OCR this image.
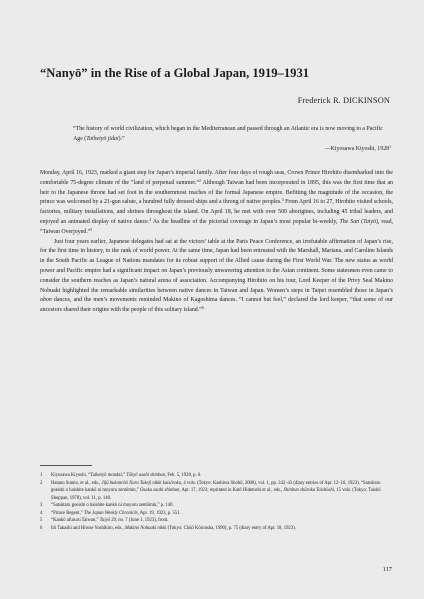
“Nanyō” in the Rise of a Global Japan, 1919–1931
Frederick R. DICKINSON

“The history of world civilization, which began in the Mediterranean and passed through an Atlantic era is now moving to a Pacific Age (Taiheiyō jidai).”

—Kiyosawa Kiyoshi, 1928$^1$

Monday, April 16, 1923, marked a giant step for Japan’s imperial family. After four days of rough seas, Crown Prince Hirohito disembarked into the comfortable 75-degree climate of the “land of perpetual summer.”$^2$ Although Taiwan had been incorporated in 1895, this was the first time that an heir to the Japanese throne had set foot in the southernmost reaches of the formal Japanese empire. Befitting the magnitude of the occasion, the prince was welcomed by a 21-gun salute, a hundred fully dressed ships and a throng of native peoples.$^3$ From April 16 to 27, Hirohito visited schools, factories, military installations, and shrines throughout the island. On April 18, he met with over 500 aborigines, including 45 tribal leaders, and enjoyed an animated display of native dance.$^4$ As the headline of the pictorial coverage in Japan’s most popular bi-weekly, The Sun (Taiyō), read, “Taiwan Overjoyed.”$^5$

Just four years earlier, Japanese delegates had sat at the victors’ table at the Paris Peace Conference, an irrefutable affirmation of Japan’s rise, for the first time in history, to the rank of world power. At the same time, Japan had been entrusted with the Marshall, Mariana, and Caroline Islands in the South Pacific as League of Nations mandates for its robust support of the Allied cause during the First World War. The new status as world power and Pacific empire had a significant impact on Japan’s previously unwavering attention to the Asian continent. Some statesmen even came to consider the southern reaches as Japan’s natural arena of association. Accompanying Hirohito on his tour, Lord Keeper of the Privy Seal Makino Nobuaki highlighted the remarkable similarities between native dances in Taiwan and Japan. Women’s steps in Taipei resembled those in Japan’s obon dances, and the men’s movements reminded Makino of Kagoshima dances. “I cannot but feel,” declared the lord keeper, “that some of our ancestors shared their origins with the people of this solitary island.”$^6$

1	Kiyosawa Kiyoshi, “Taiheiyō mondai,” Tōkyō asahi shinbun, Feb. 5, 1928, p. 6.
2	Hatano Sumio, et al., eds., Jijū bukanchō Nara Takeji nikki kaisōroku, 4 vols. (Tokyo: Kashiwa Shobō, 2000), vol. 1, pp. 342–43 (diary entries of Apr. 12–16, 1923). “Satsūtaru goeishi o haishite kankō ni moyuru zentōmin,” Osaka asahi shinbun, Apr. 17, 1923; reprinted in Katō Hidetoshi et al., eds., Shinbun shūroku Taishōshi, 15 vols. (Tokyo: Taishō Shuppan, 1978), vol. 11, p. 140.
3	“Satsūtaru goeishi o haishite kankō ni moyuru zentōmin,” p. 140.
4	“Prince Regent,” The Japan Weekly Chronicle, Apr. 19, 1923, p. 551.
5	“Kankō afururu Taiwan,” Taiyō 29, no. 7 (June 1, 1923), front.
6	Itō Takashi and Hirose Yoshihiro, eds., Makino Nobuaki nikki (Tokyo: Chūō Kōronsha, 1990), p. 75 (diary entry of Apr. 18, 1923).
117
